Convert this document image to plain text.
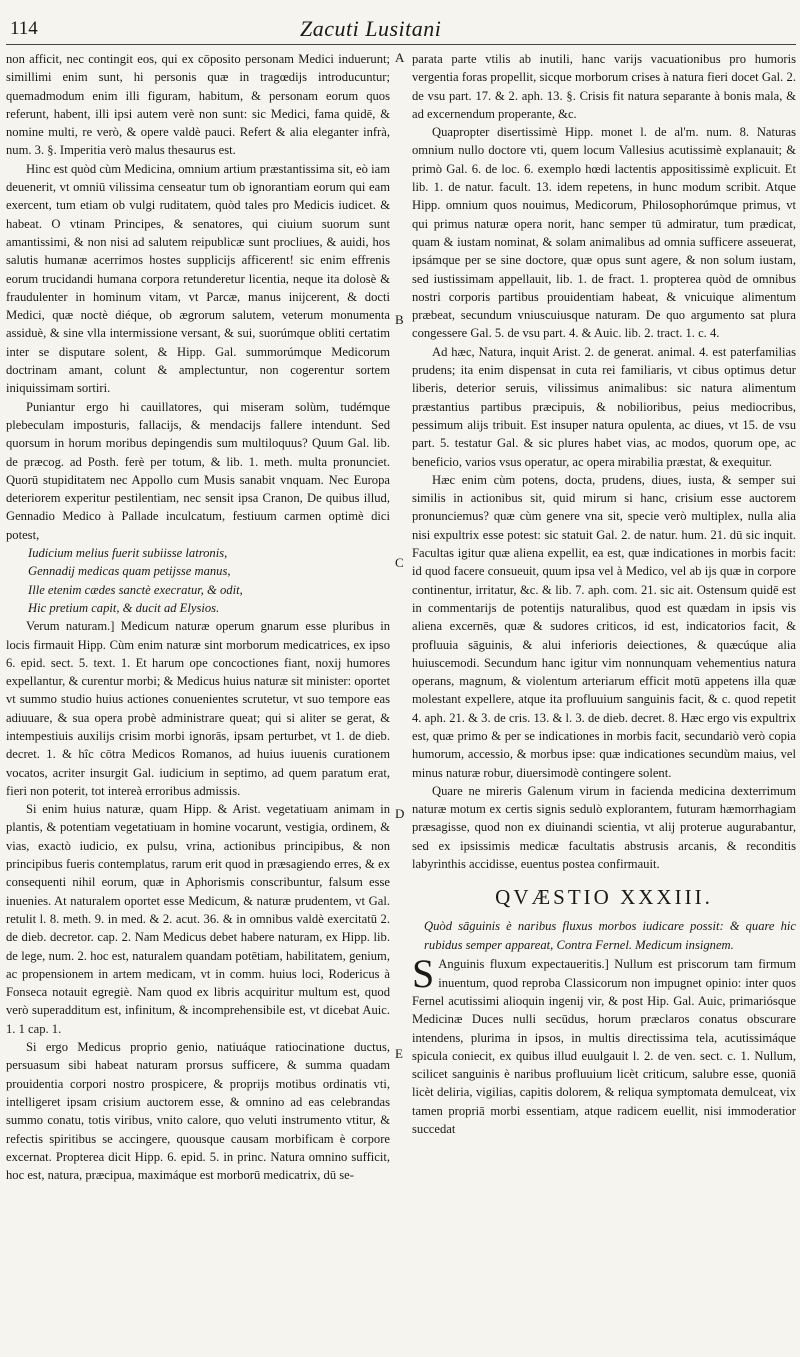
114	Zacuti Lusitani
A
B
C
D
E

non afficit, nec contingit eos, qui ex cōposito personam Medici induerunt; simillimi enim sunt, hi personis quæ in tragœdijs introducuntur; quemadmodum enim illi figuram, habitum, & personam eorum quos referunt, habent, illi ipsi autem verè non sunt: sic Medici, fama quidē, & nomine multi, re verò, & opere valdè pauci. Refert & alia eleganter infrà, num. 3. §. Imperitia verò malus thesaurus est.

Hinc est quòd cùm Medicina, omnium artium præstantissima sit, eò iam deuenerit, vt omniū vilissima censeatur tum ob ignorantiam eorum qui eam exercent, tum etiam ob vulgi ruditatem, quòd tales pro Medicis iudicet. & habeat. O vtinam Principes, & senatores, qui ciuium suorum sunt amantissimi, & non nisi ad salutem reipublicæ sunt procliues, & auidi, hos salutis humanæ acerrimos hostes supplicijs afficerent! sic enim effrenis eorum trucidandi humana corpora retunderetur licentia, neque ita dolosè & fraudulenter in hominum vitam, vt Parcæ, manus inijcerent, & docti Medici, quæ noctè diéque, ob ægrorum salutem, veterum monumenta assiduè, & sine vlla intermissione versant, & sui, suorúmque obliti certatim inter se disputare solent, & Hipp. Gal. summorúmque Medicorum doctrinam amant, colunt & amplectuntur, non cogerentur sortem iniquissimam sortiri.

Puniantur ergo hi cauillatores, qui miseram solùm, tudémque plebeculam imposturis, fallacijs, & mendacijs fallere intendunt. Sed quorsum in horum moribus depingendis sum multiloquus? Quum Gal. lib. de præcog. ad Posth. ferè per totum, & lib. 1. meth. multa pronunciet. Quorū stupiditatem nec Appollo cum Musis sanabit vnquam. Nec Europa deteriorem experitur pestilentiam, nec sensit ipsa Cranon, De quibus illud, Gennadio Medico à Pallade inculcatum, festiuum carmen optimè dici potest,

Iudicium melius fuerit subiisse latronis,

Gennadij medicas quam petijsse manus,

Ille etenim cædes sanctè execratur, & odit,

Hic pretium capit, & ducit ad Elysios.

Verum naturam.] Medicum naturæ operum gnarum esse pluribus in locis firmauit Hipp. Cùm enim naturæ sint morborum medicatrices, ex ipso 6. epid. sect. 5. text. 1. Et harum ope concoctiones fiant, noxij humores expellantur, & curentur morbi; & Medicus huius naturæ sit minister: oportet vt summo studio huius actiones conuenientes scrutetur, vt suo tempore eas adiuuare, & sua opera probè administrare queat; qui si aliter se gerat, & intempestiuis auxilijs crisim morbi ignorās, ipsam perturbet, vt 1. de dieb. decret. 1. & hîc cōtra Medicos Romanos, ad huius iuuenis curationem vocatos, acriter insurgit Gal. iudicium in septimo, ad quem paratum erat, fieri non poterit, tot intereà erroribus admissis.

Si enim huius naturæ, quam Hipp. & Arist. vegetatiuam animam in plantis, & potentiam vegetatiuam in homine vocarunt, vestigia, ordinem, & vias, exactò iudicio, ex pulsu, vrina, actionibus principibus, & non principibus fueris contemplatus, rarum erit quod in præsagiendo erres, & ex consequenti nihil eorum, quæ in Aphorismis conscribuntur, falsum esse inuenies. At naturalem oportet esse Medicum, & naturæ prudentem, vt Gal. retulit l. 8. meth. 9. in med. & 2. acut. 36. & in omnibus valdè exercitatū 2. de dieb. decretor. cap. 2. Nam Medicus debet habere naturam, ex Hipp. lib. de lege, num. 2. hoc est, naturalem quandam potētiam, habilitatem, genium, ac propensionem in artem medicam, vt in comm. huius loci, Rodericus à Fonseca notauit egregiè. Nam quod ex libris acquiritur multum est, quod verò superadditum est, infinitum, & incomprehensibile est, vt dicebat Auic. 1. 1 cap. 1.

Si ergo Medicus proprio genio, natiuáque ratiocinatione ductus, persuasum sibi habeat naturam prorsus sufficere, & summa quadam prouidentia corpori nostro prospicere, & proprijs motibus ordinatis vti, intelligeret ipsam crisium auctorem esse, & omnino ad eas celebrandas summo conatu, totis viribus, vnito calore, quo veluti instrumento vtitur, & refectis spiritibus se accingere, quousque causam morbificam è corpore excernat. Propterea dicit Hipp. 6. epid. 5. in princ. Natura omnino sufficit, hoc est, natura, præcipua, maximáque est morborū medicatrix, dū se-

parata parte vtilis ab inutili, hanc varijs vacuationibus pro humoris vergentia foras propellit, sicque morborum crises à natura fieri docet Gal. 2. de vsu part. 17. & 2. aph. 13. §. Crisis fit natura separante à bonis mala, & ad excernendum properante, &c.

Quapropter disertissimè Hipp. monet l. de al'm. num. 8. Naturas omnium nullo doctore vti, quem locum Vallesius acutissimè explanauit; & primò Gal. 6. de loc. 6. exemplo hœdi lactentis appositissimè explicuit. Et lib. 1. de natur. facult. 13. idem repetens, in hunc modum scribit. Atque Hipp. omnium quos nouimus, Medicorum, Philosophorúmque primus, vt qui primus naturæ opera norit, hanc semper tū admiratur, tum prædicat, quam & iustam nominat, & solam animalibus ad omnia sufficere asseuerat, ipsámque per se sine doctore, quæ opus sunt agere, & non solum iustam, sed iustissimam appellauit, lib. 1. de fract. 1. propterea quòd de omnibus nostri corporis partibus prouidentiam habeat, & vnicuique alimentum præbeat, secundum vniuscuiusque naturam. De quo argumento sat plura congessere Gal. 5. de vsu part. 4. & Auic. lib. 2. tract. 1. c. 4.

Ad hæc, Natura, inquit Arist. 2. de generat. animal. 4. est paterfamilias prudens; ita enim dispensat in cuta rei familiaris, vt cibus optimus detur liberis, deterior seruis, vilissimus animalibus: sic natura alimentum præstantius partibus præcipuis, & nobilioribus, peius mediocribus, pessimum alijs tribuit. Est insuper natura opulenta, ac diues, vt 15. de vsu part. 5. testatur Gal. & sic plures habet vias, ac modos, quorum ope, ac beneficio, varios vsus operatur, ac opera mirabilia præstat, & exequitur.

Hæc enim cùm potens, docta, prudens, diues, iusta, & semper sui similis in actionibus sit, quid mirum si hanc, crisium esse auctorem pronunciemus? quæ cùm genere vna sit, specie verò multiplex, nulla alia nisi expultrix esse potest: sic statuit Gal. 2. de natur. hum. 21. dū sic inquit. Facultas igitur quæ aliena expellit, ea est, quæ indicationes in morbis facit: id quod facere consueuit, quum ipsa vel à Medico, vel ab ijs quæ in corpore continentur, irritatur, &c. & lib. 7. aph. com. 21. sic ait. Ostensum quidē est in commentarijs de potentijs naturalibus, quod est quædam in ipsis vis aliena excernēs, quæ & sudores criticos, id est, indicatorios facit, & profluuia sāguinis, & alui inferioris deiectiones, & quæcúque alia huiuscemodi. Secundum hanc igitur vim nonnunquam vehementius natura operans, magnum, & violentum arteriarum efficit motū appetens illa quæ molestant expellere, atque ita profluuium sanguinis facit, & c. quod repetit 4. aph. 21. & 3. de cris. 13. & l. 3. de dieb. decret. 8. Hæc ergo vis expultrix est, quæ primo & per se indicationes in morbis facit, secundariò verò copia humorum, accessio, & morbus ipse: quæ indicationes secundùm maius, vel minus naturæ robur, diuersimodè contingere solent.

Quare ne mireris Galenum virum in facienda medicina dexterrimum naturæ motum ex certis signis sedulò explorantem, futuram hæmorrhagiam præsagisse, quod non ex diuinandi scientia, vt alij proterue augurabantur, sed ex ipsissimis medicæ facultatis abstrusis arcanis, & reconditis labyrinthis accidisse, euentus postea confirmauit.

QVÆSTIO XXXIII.

Quòd sāguinis è naribus fluxus morbos iudicare possit: & quare hic rubidus semper appareat, Contra Fernel. Medicum insignem.

S Anguinis fluxum expectaueritis.] Nullum est priscorum tam firmum inuentum, quod reproba Classicorum non impugnet opinio: inter quos Fernel acutissimi alioquin ingenij vir, & post Hip. Gal. Auic, primariósque Medicinæ Duces nulli secūdus, horum præclaros conatus obscurare intendens, plurima in ipsos, in multis directissima tela, acutissimáque spicula coniecit, ex quibus illud euulgauit l. 2. de ven. sect. c. 1. Nullum, scilicet sanguinis è naribus profluuium licèt criticum, salubre esse, quoniā licèt deliria, vigilias, capitis dolorem, & reliqua symptomata demulceat, vix tamen propriā morbi essentiam, atque radicem euellit, nisi immoderatior succedat
